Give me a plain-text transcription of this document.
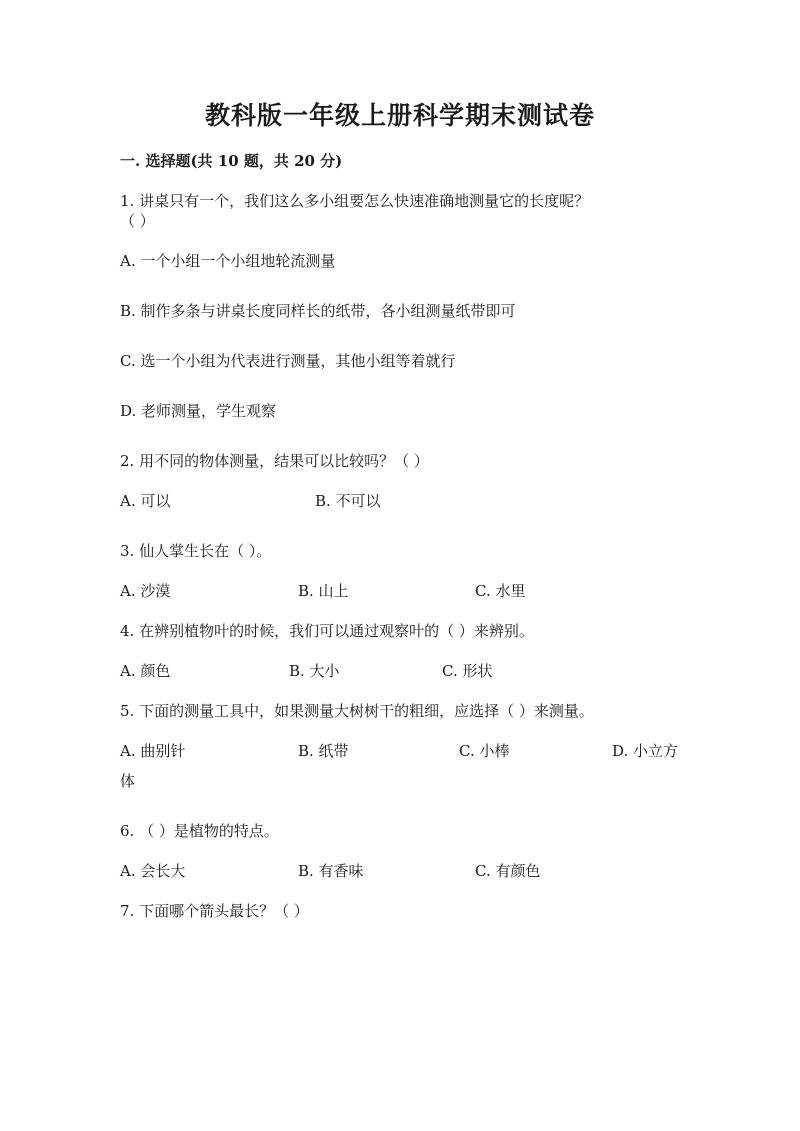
教科版一年级上册科学期末测试卷
一. 选择题(共 10 题，共 20 分)
1. 讲桌只有一个，我们这么多小组要怎么快速准确地测量它的长度呢？
（ ）
A. 一个小组一个小组地轮流测量
B. 制作多条与讲桌长度同样长的纸带，各小组测量纸带即可
C. 选一个小组为代表进行测量，其他小组等着就行
D. 老师测量，学生观察
2. 用不同的物体测量，结果可以比较吗？（ ）
A. 可以	B. 不可以
3. 仙人掌生长在（ ）。
A. 沙漠	B. 山上	C. 水里
4. 在辨别植物叶的时候，我们可以通过观察叶的（ ）来辨别。
A. 颜色	B. 大小	C. 形状
5. 下面的测量工具中，如果测量大树树干的粗细，应选择（ ）来测量。
A. 曲别针	B. 纸带	C. 小棒	D. 小立方
体
6. （ ）是植物的特点。
A. 会长大	B. 有香味	C. 有颜色
7. 下面哪个箭头最长？（ ）
